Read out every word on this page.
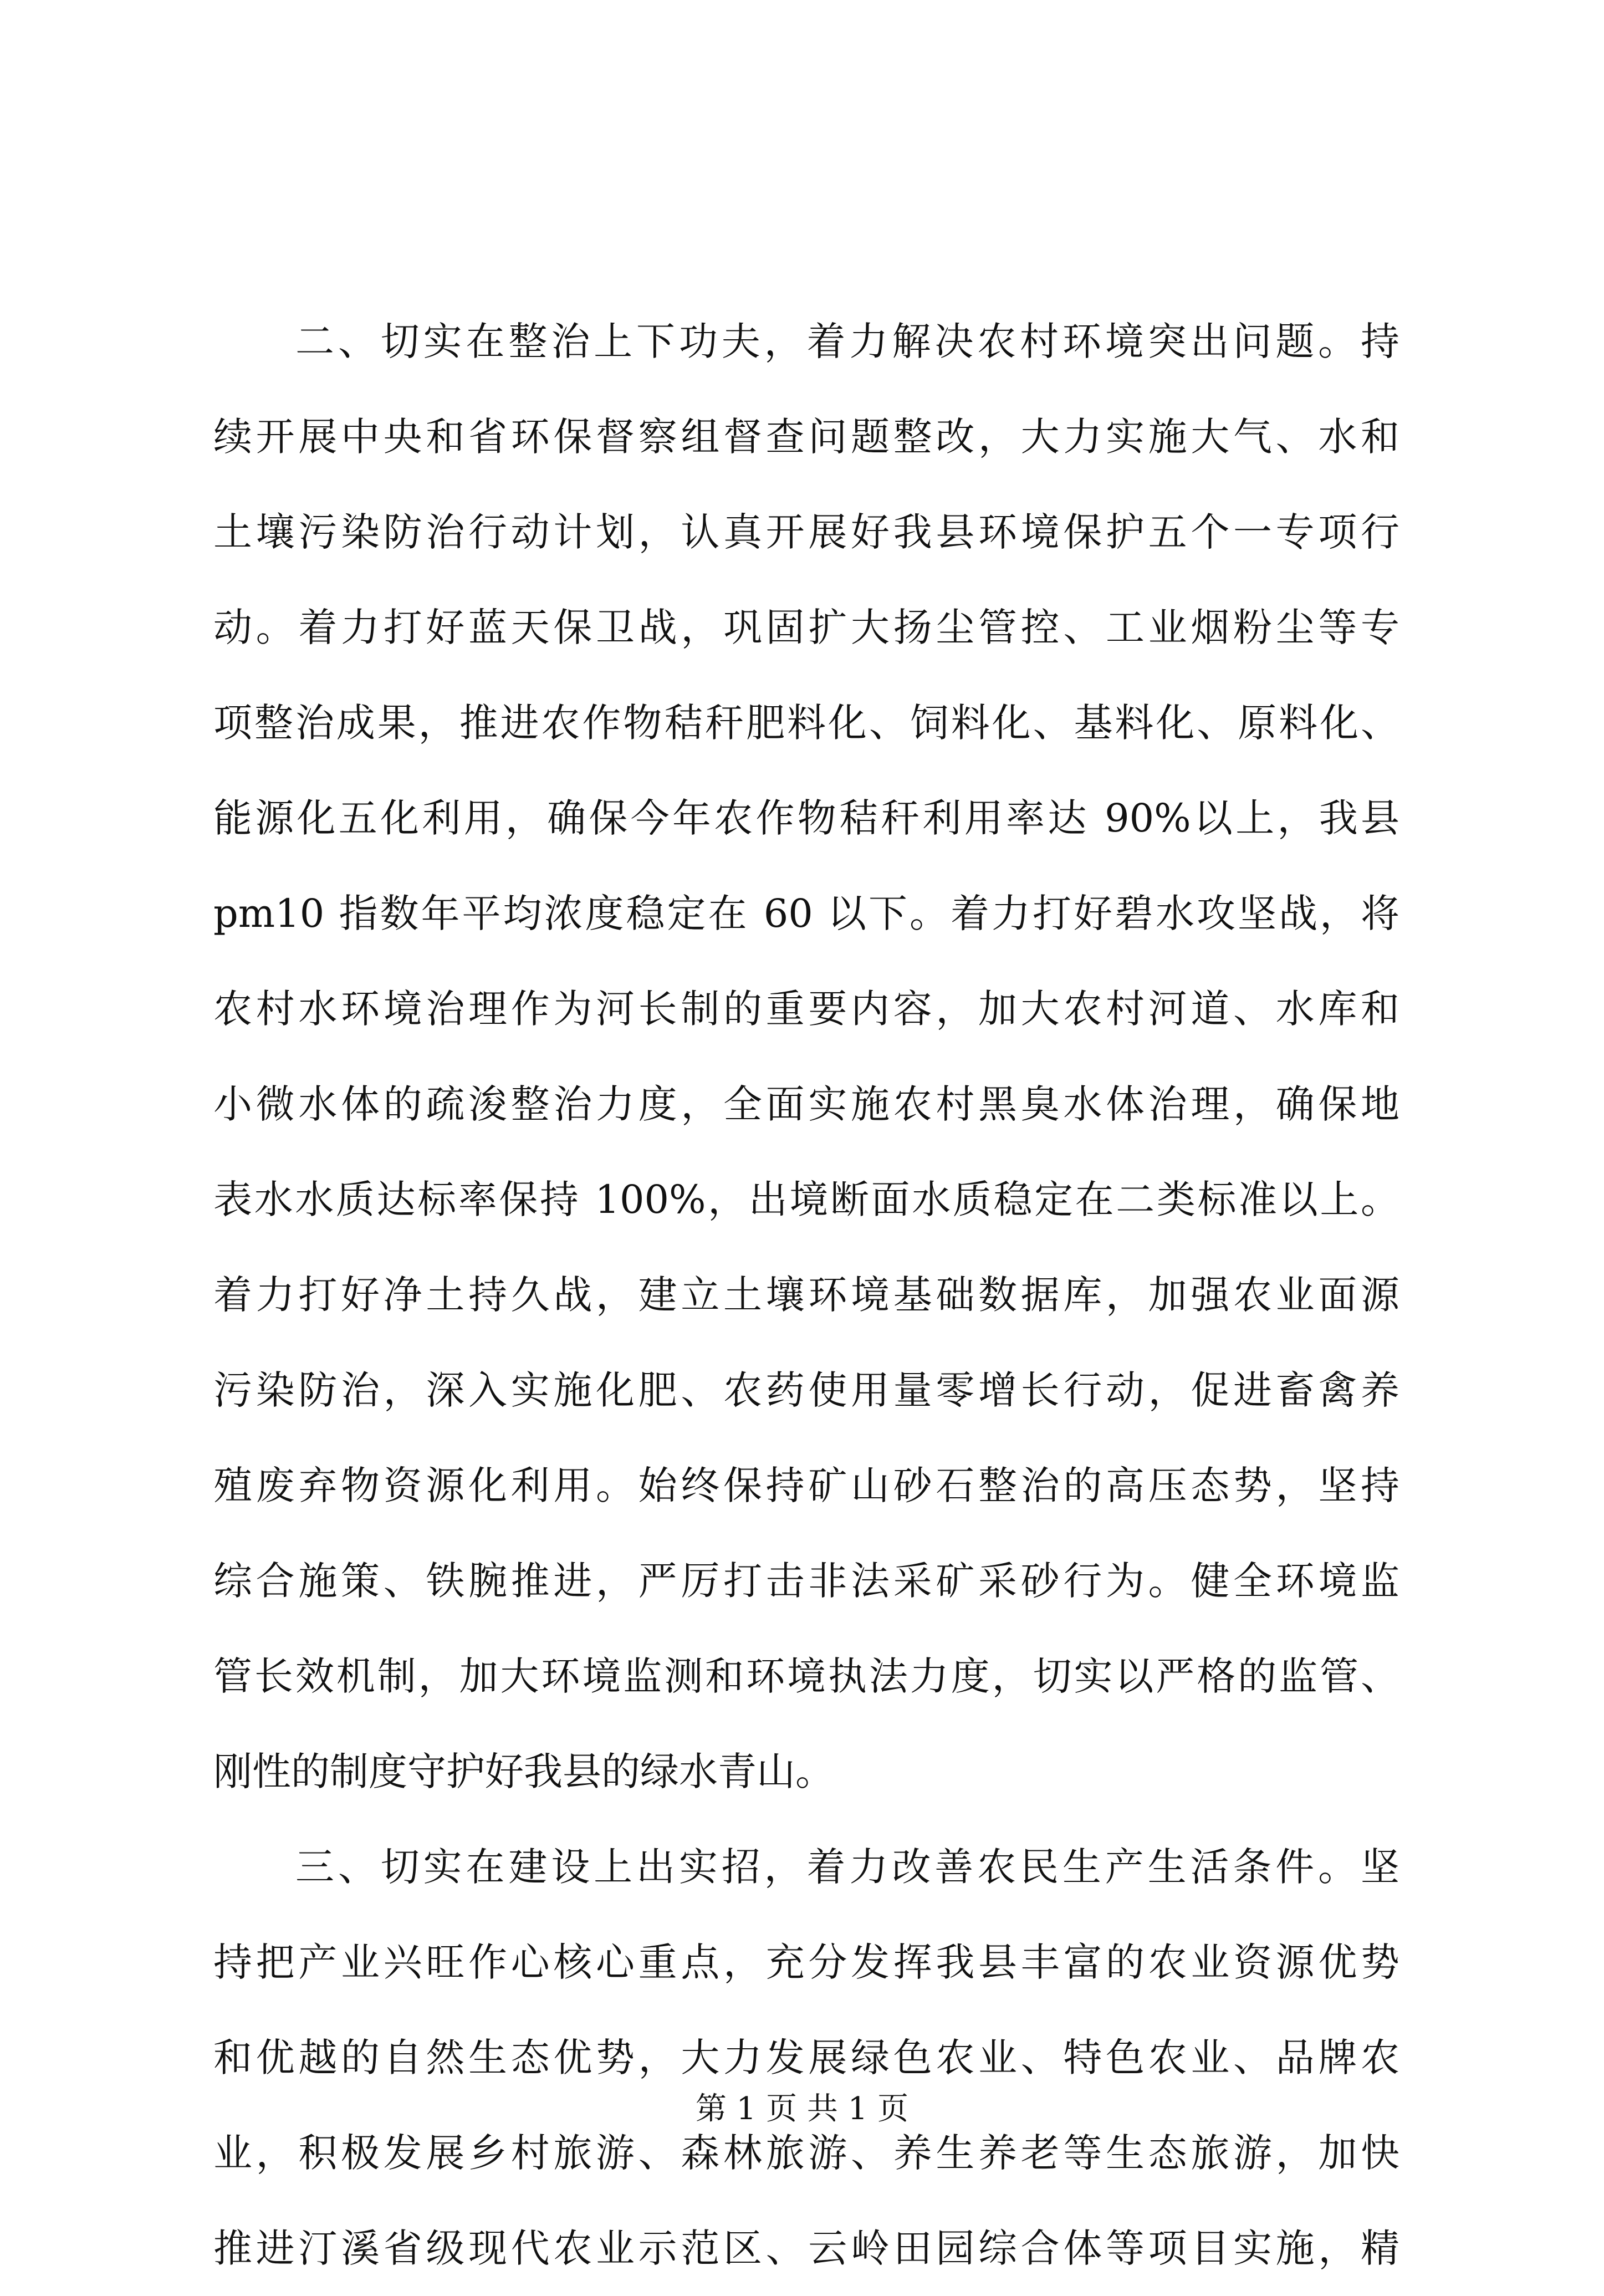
二、切实在整治上下功夫，着力解决农村环境突出问题。持
续开展中央和省环保督察组督查问题整改，大力实施大气、水和
土壤污染防治行动计划，认真开展好我县环境保护五个一专项行
动。着力打好蓝天保卫战，巩固扩大扬尘管控、工业烟粉尘等专
项整治成果，推进农作物秸秆肥料化、饲料化、基料化、原料化、
能源化五化利用，确保今年农作物秸秆利用率达 90%以上，我县
pm10 指数年平均浓度稳定在 60 以下。着力打好碧水攻坚战，将
农村水环境治理作为河长制的重要内容，加大农村河道、水库和
小微水体的疏浚整治力度，全面实施农村黑臭水体治理，确保地
表水水质达标率保持 100%，出境断面水质稳定在二类标准以上。
着力打好净土持久战，建立土壤环境基础数据库，加强农业面源
污染防治，深入实施化肥、农药使用量零增长行动，促进畜禽养
殖废弃物资源化利用。始终保持矿山砂石整治的高压态势，坚持
综合施策、铁腕推进，严厉打击非法采矿采砂行为。健全环境监
管长效机制，加大环境监测和环境执法力度，切实以严格的监管、
刚性的制度守护好我县的绿水青山。
三、切实在建设上出实招，着力改善农民生产生活条件。坚
持把产业兴旺作心核心重点，充分发挥我县丰富的农业资源优势
和优越的自然生态优势，大力发展绿色农业、特色农业、品牌农
业，积极发展乡村旅游、森林旅游、养生养老等生态旅游，加快
推进汀溪省级现代农业示范区、云岭田园综合体等项目实施，精
第 1 页 共 1 页
